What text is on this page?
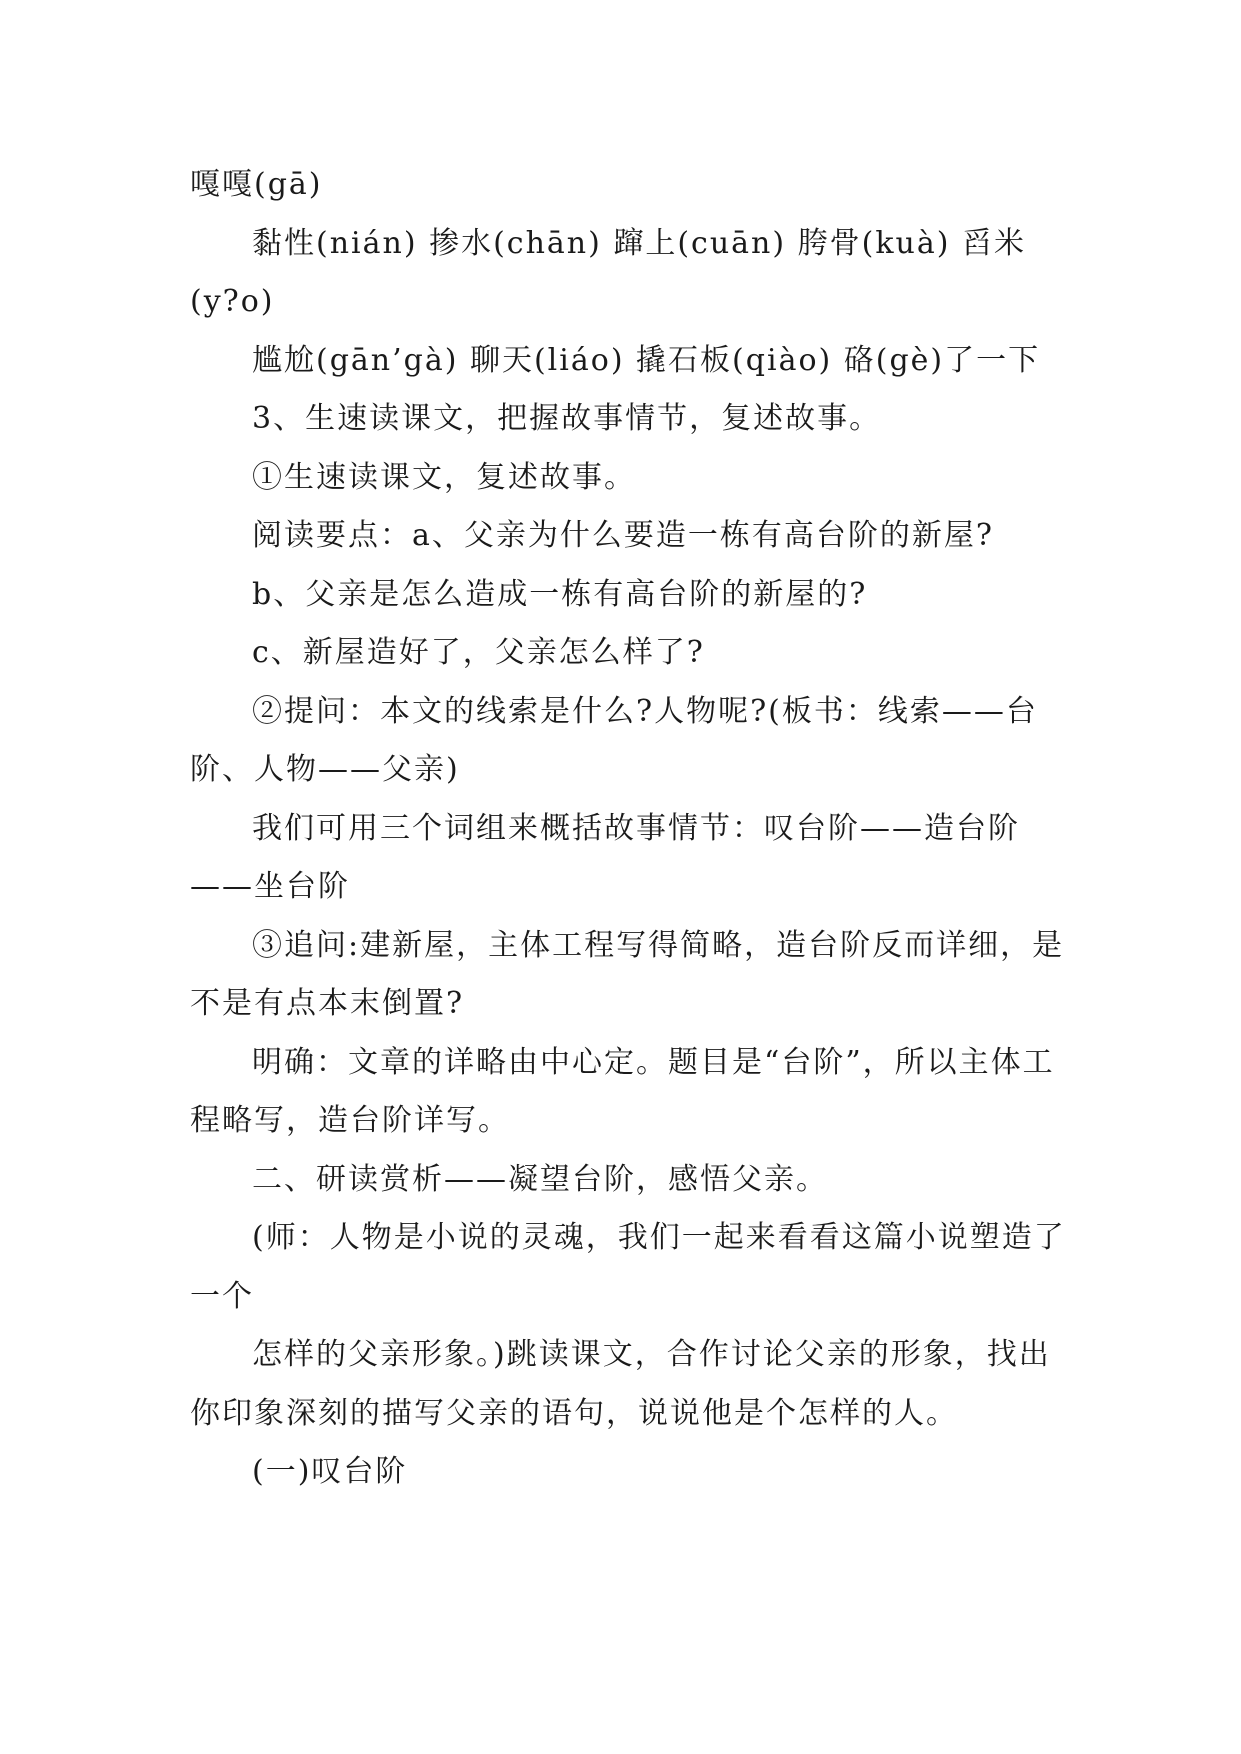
嘎嘎(gā)

黏性(nián) 掺水(chān) 蹿上(cuān) 胯骨(kuà) 舀米(y?o)

尴尬(gān’gà) 聊天(liáo) 撬石板(qiào) 硌(gè)了一下

3、生速读课文，把握故事情节，复述故事。

①生速读课文，复述故事。

阅读要点：a、父亲为什么要造一栋有高台阶的新屋?

b、父亲是怎么造成一栋有高台阶的新屋的?

c、新屋造好了，父亲怎么样了?

②提问：本文的线索是什么?人物呢?(板书：线索——台阶、人物——父亲)

我们可用三个词组来概括故事情节：叹台阶——造台阶——坐台阶

③追问:建新屋，主体工程写得简略，造台阶反而详细，是不是有点本末倒置?

明确：文章的详略由中心定。题目是“台阶”，所以主体工程略写，造台阶详写。

二、研读赏析——凝望台阶，感悟父亲。

(师：人物是小说的灵魂，我们一起来看看这篇小说塑造了一个

怎样的父亲形象。)跳读课文，合作讨论父亲的形象，找出你印象深刻的描写父亲的语句，说说他是个怎样的人。

(一)叹台阶
